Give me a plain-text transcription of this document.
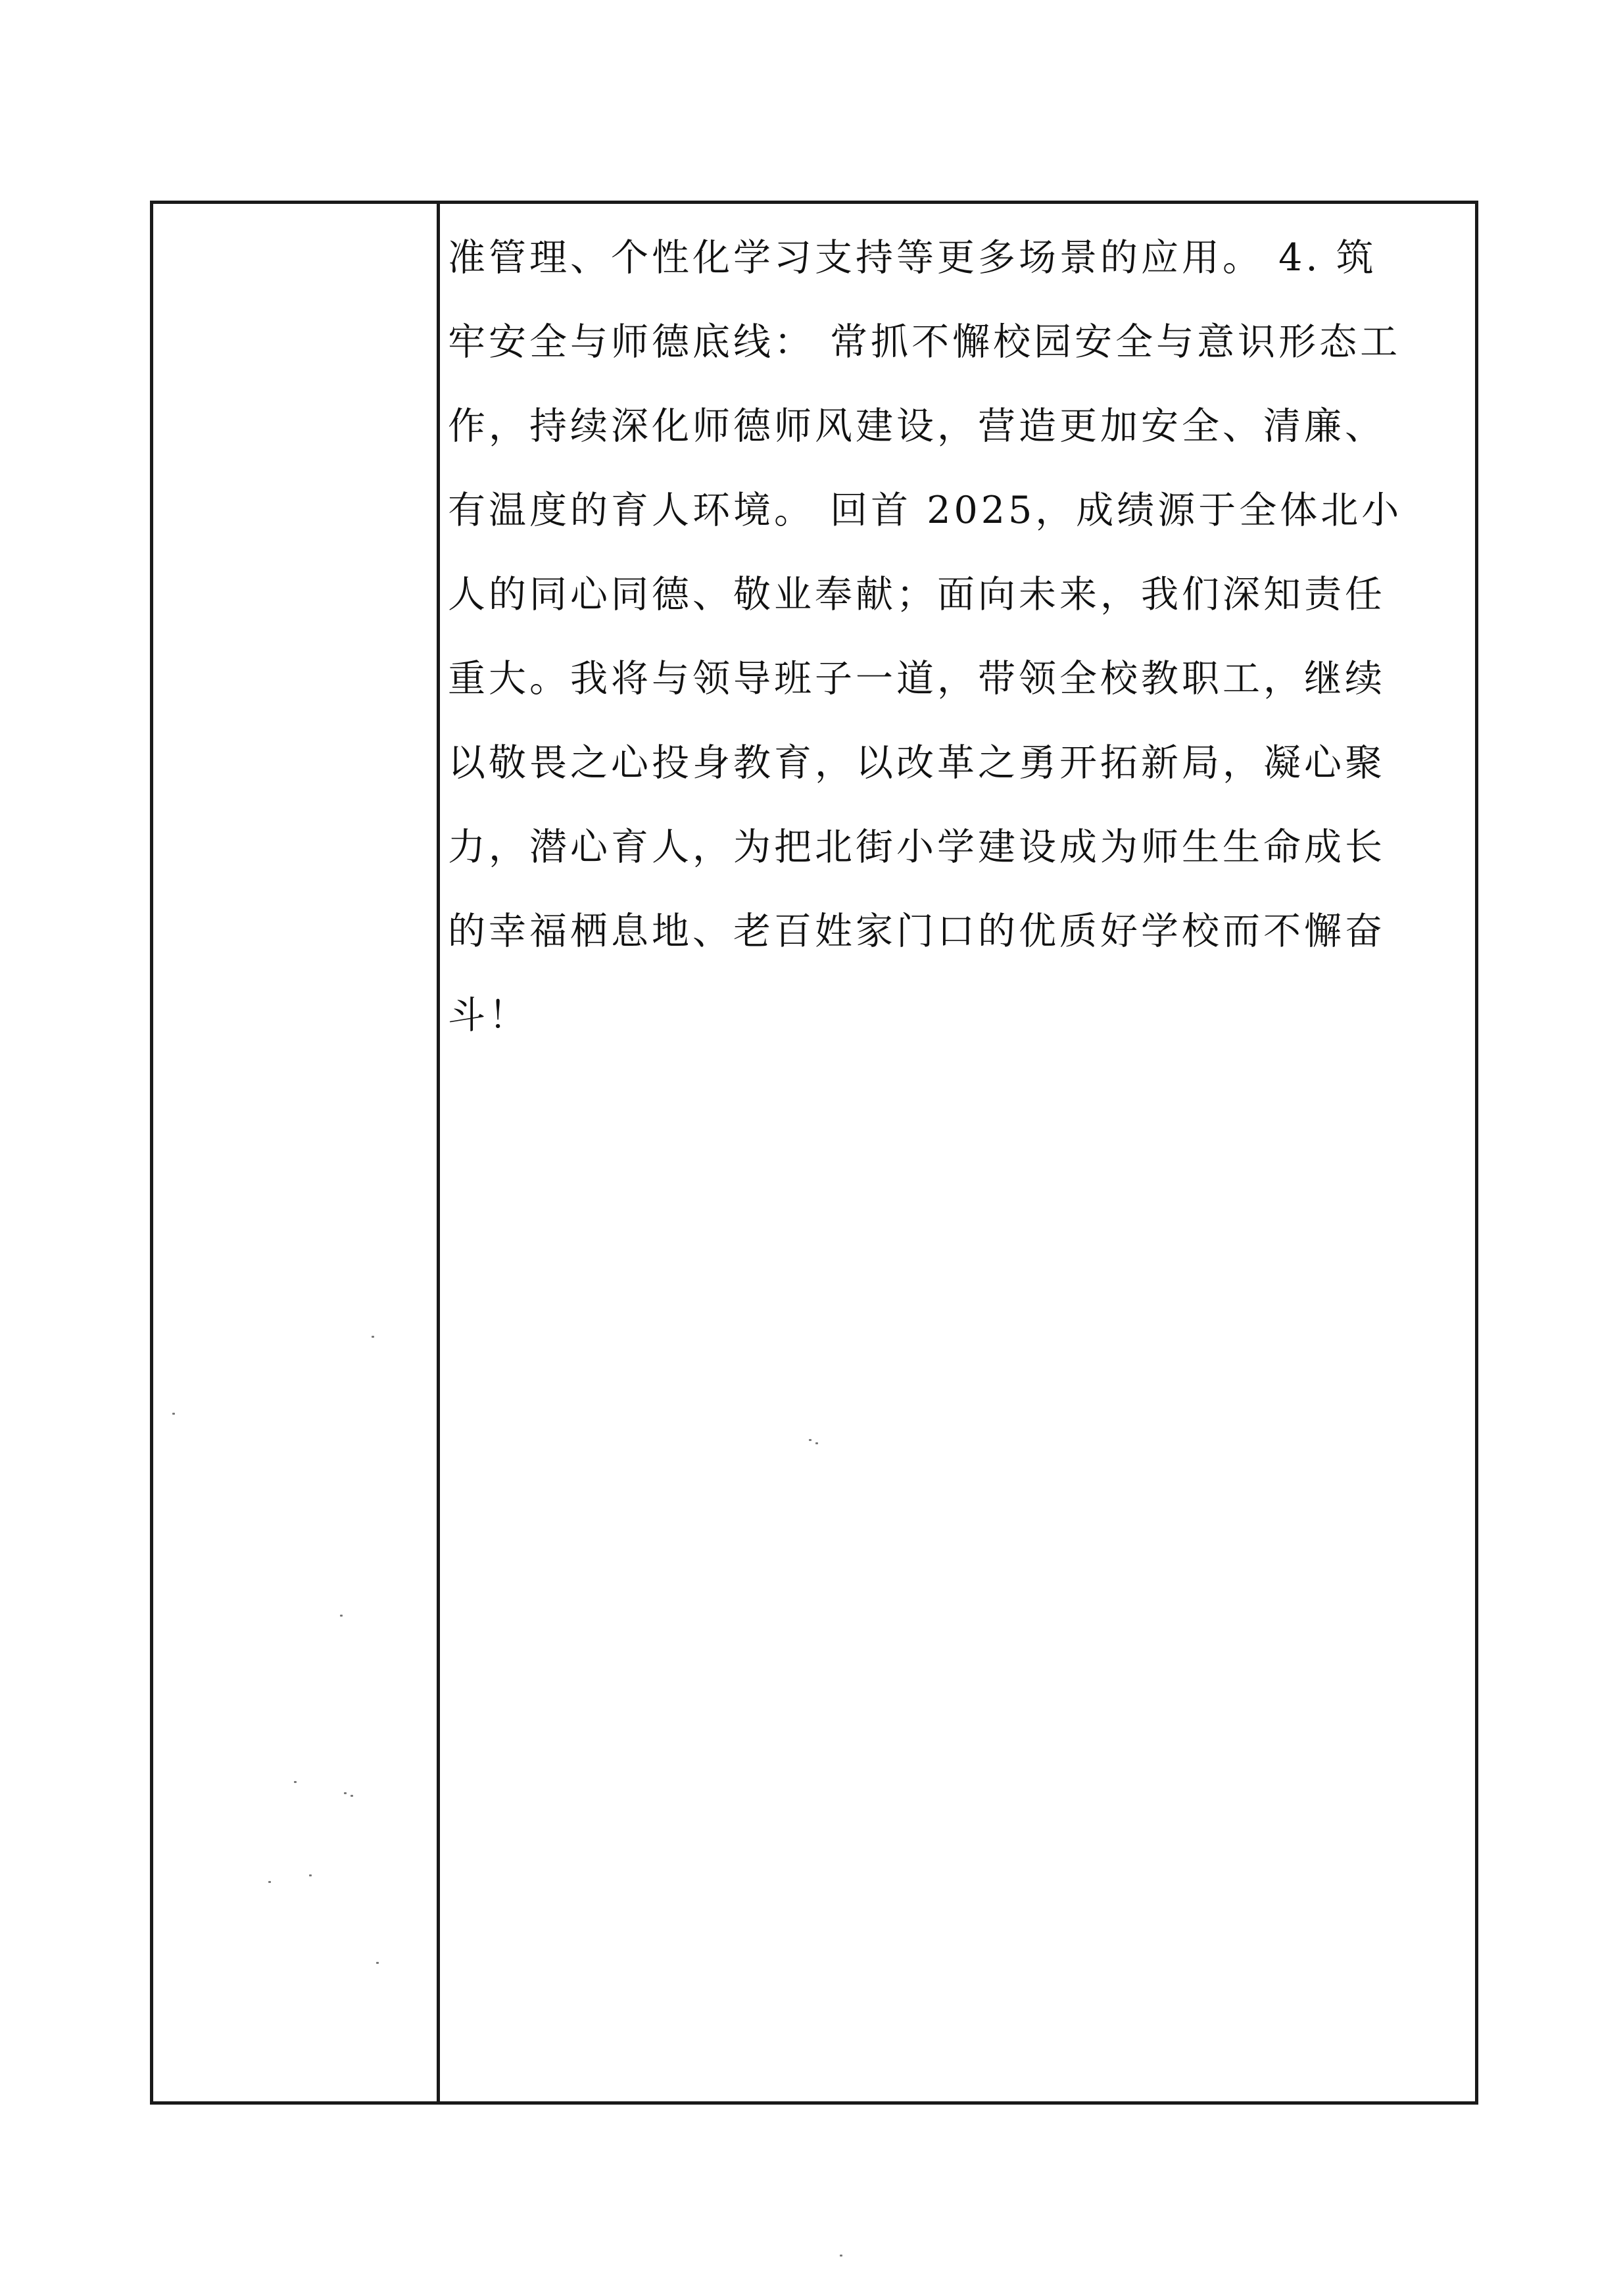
准管理、个性化学习支持等更多场景的应用。 4. 筑
牢安全与师德底线： 常抓不懈校园安全与意识形态工
作，持续深化师德师风建设，营造更加安全、清廉、
有温度的育人环境。 回首 2025，成绩源于全体北小
人的同心同德、敬业奉献；面向未来，我们深知责任
重大。我将与领导班子一道，带领全校教职工，继续
以敬畏之心投身教育，以改革之勇开拓新局，凝心聚
力，潜心育人，为把北街小学建设成为师生生命成长
的幸福栖息地、老百姓家门口的优质好学校而不懈奋
斗！
